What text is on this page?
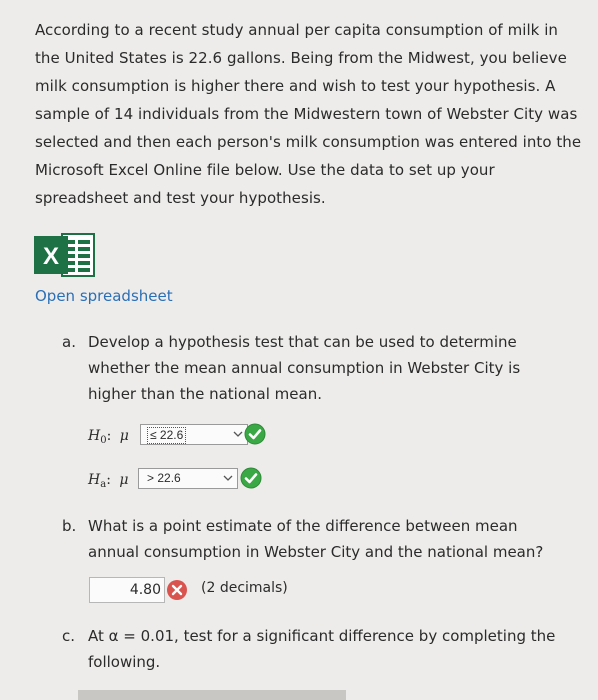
According to a recent study annual per capita consumption of milk in the United States is 22.6 gallons. Being from the Midwest, you believe milk consumption is higher there and wish to test your hypothesis. A sample of 14 individuals from the Midwestern town of Webster City was selected and then each person's milk consumption was entered into the Microsoft Excel Online file below. Use the data to set up your spreadsheet and test your hypothesis.
X
Open spreadsheet
a. Develop a hypothesis test that can be used to determine whether the mean annual consumption in Webster City is higher than the national mean.
$H_0$: μ ≤ 22.6
$H_a$: μ > 22.6
b. What is a point estimate of the difference between mean annual consumption in Webster City and the national mean?
4.80	(2 decimals)
c. At α = 0.01, test for a significant difference by completing the following.
